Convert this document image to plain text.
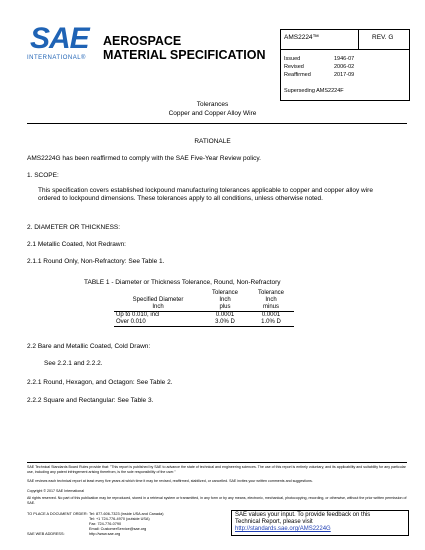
SAE
INTERNATIONAL®
AEROSPACE
MATERIAL SPECIFICATION
AMS2224™	REV. G
Issued	1946-07
Revised	2006-02
Reaffirmed	2017-09
Superseding AMS2224F
Tolerances
Copper and Copper Alloy Wire
RATIONALE
AMS2224G has been reaffirmed to comply with the SAE Five-Year Review policy.
1. SCOPE:
This specification covers established lockpound manufacturing tolerances applicable to copper and copper alloy wire ordered to lockpound dimensions. These tolerances apply to all conditions, unless otherwise noted.
2. DIAMETER OR THICKNESS:
2.1 Metallic Coated, Not Redrawn:
2.1.1 Round Only, Non-Refractory: See Table 1.
TABLE 1 - Diameter or Thickness Tolerance, Round, Non-Refractory
	Tolerance	Tolerance
Specified Diameter	Inch	Inch
Inch	plus	minus
Up to 0.010, incl	0.0001	0.0001
Over 0.010	3.0% D	1.0% D
2.2 Bare and Metallic Coated, Cold Drawn:
See 2.2.1 and 2.2.2.
2.2.1 Round, Hexagon, and Octagon: See Table 2.
2.2.2 Square and Rectangular: See Table 3.
SAE Technical Standards Board Rules provide that: "This report is published by SAE to advance the state of technical and engineering sciences. The use of this report is entirely voluntary, and its applicability and suitability for any particular use, including any patent infringement arising therefrom, is the sole responsibility of the user."
SAE reviews each technical report at least every five years at which time it may be revised, reaffirmed, stabilized, or cancelled. SAE invites your written comments and suggestions.
Copyright © 2017 SAE International
All rights reserved. No part of this publication may be reproduced, stored in a retrieval system or transmitted, in any form or by any means, electronic, mechanical, photocopying, recording, or otherwise, without the prior written permission of SAE.
TO PLACE A DOCUMENT ORDER: Tel: 877-606-7323 (inside USA and Canada)
Tel: +1 724-776-4970 (outside USA)
Fax: 724-776-0790
Email: CustomerService@sae.org
SAE WEB ADDRESS:	http://www.sae.org
SAE values your input. To provide feedback on this
Technical Report, please visit
http://standards.sae.org/AMS2224G
